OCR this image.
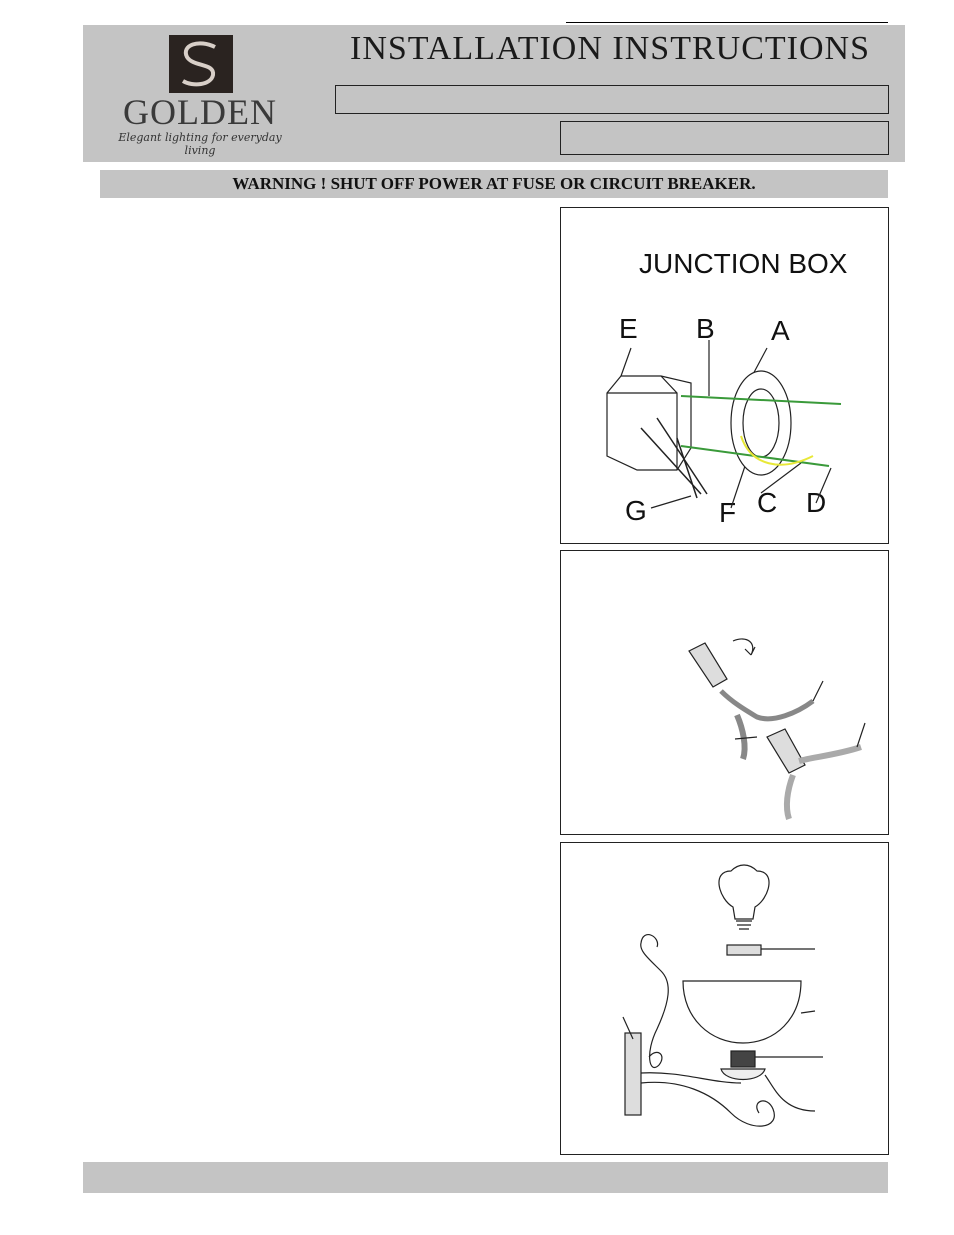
GOLDEN
Elegant lighting for everyday living
INSTALLATION INSTRUCTIONS
WARNING ! SHUT OFF POWER AT FUSE OR CIRCUIT BREAKER.
JUNCTION BOX
E B A
G	F C D
